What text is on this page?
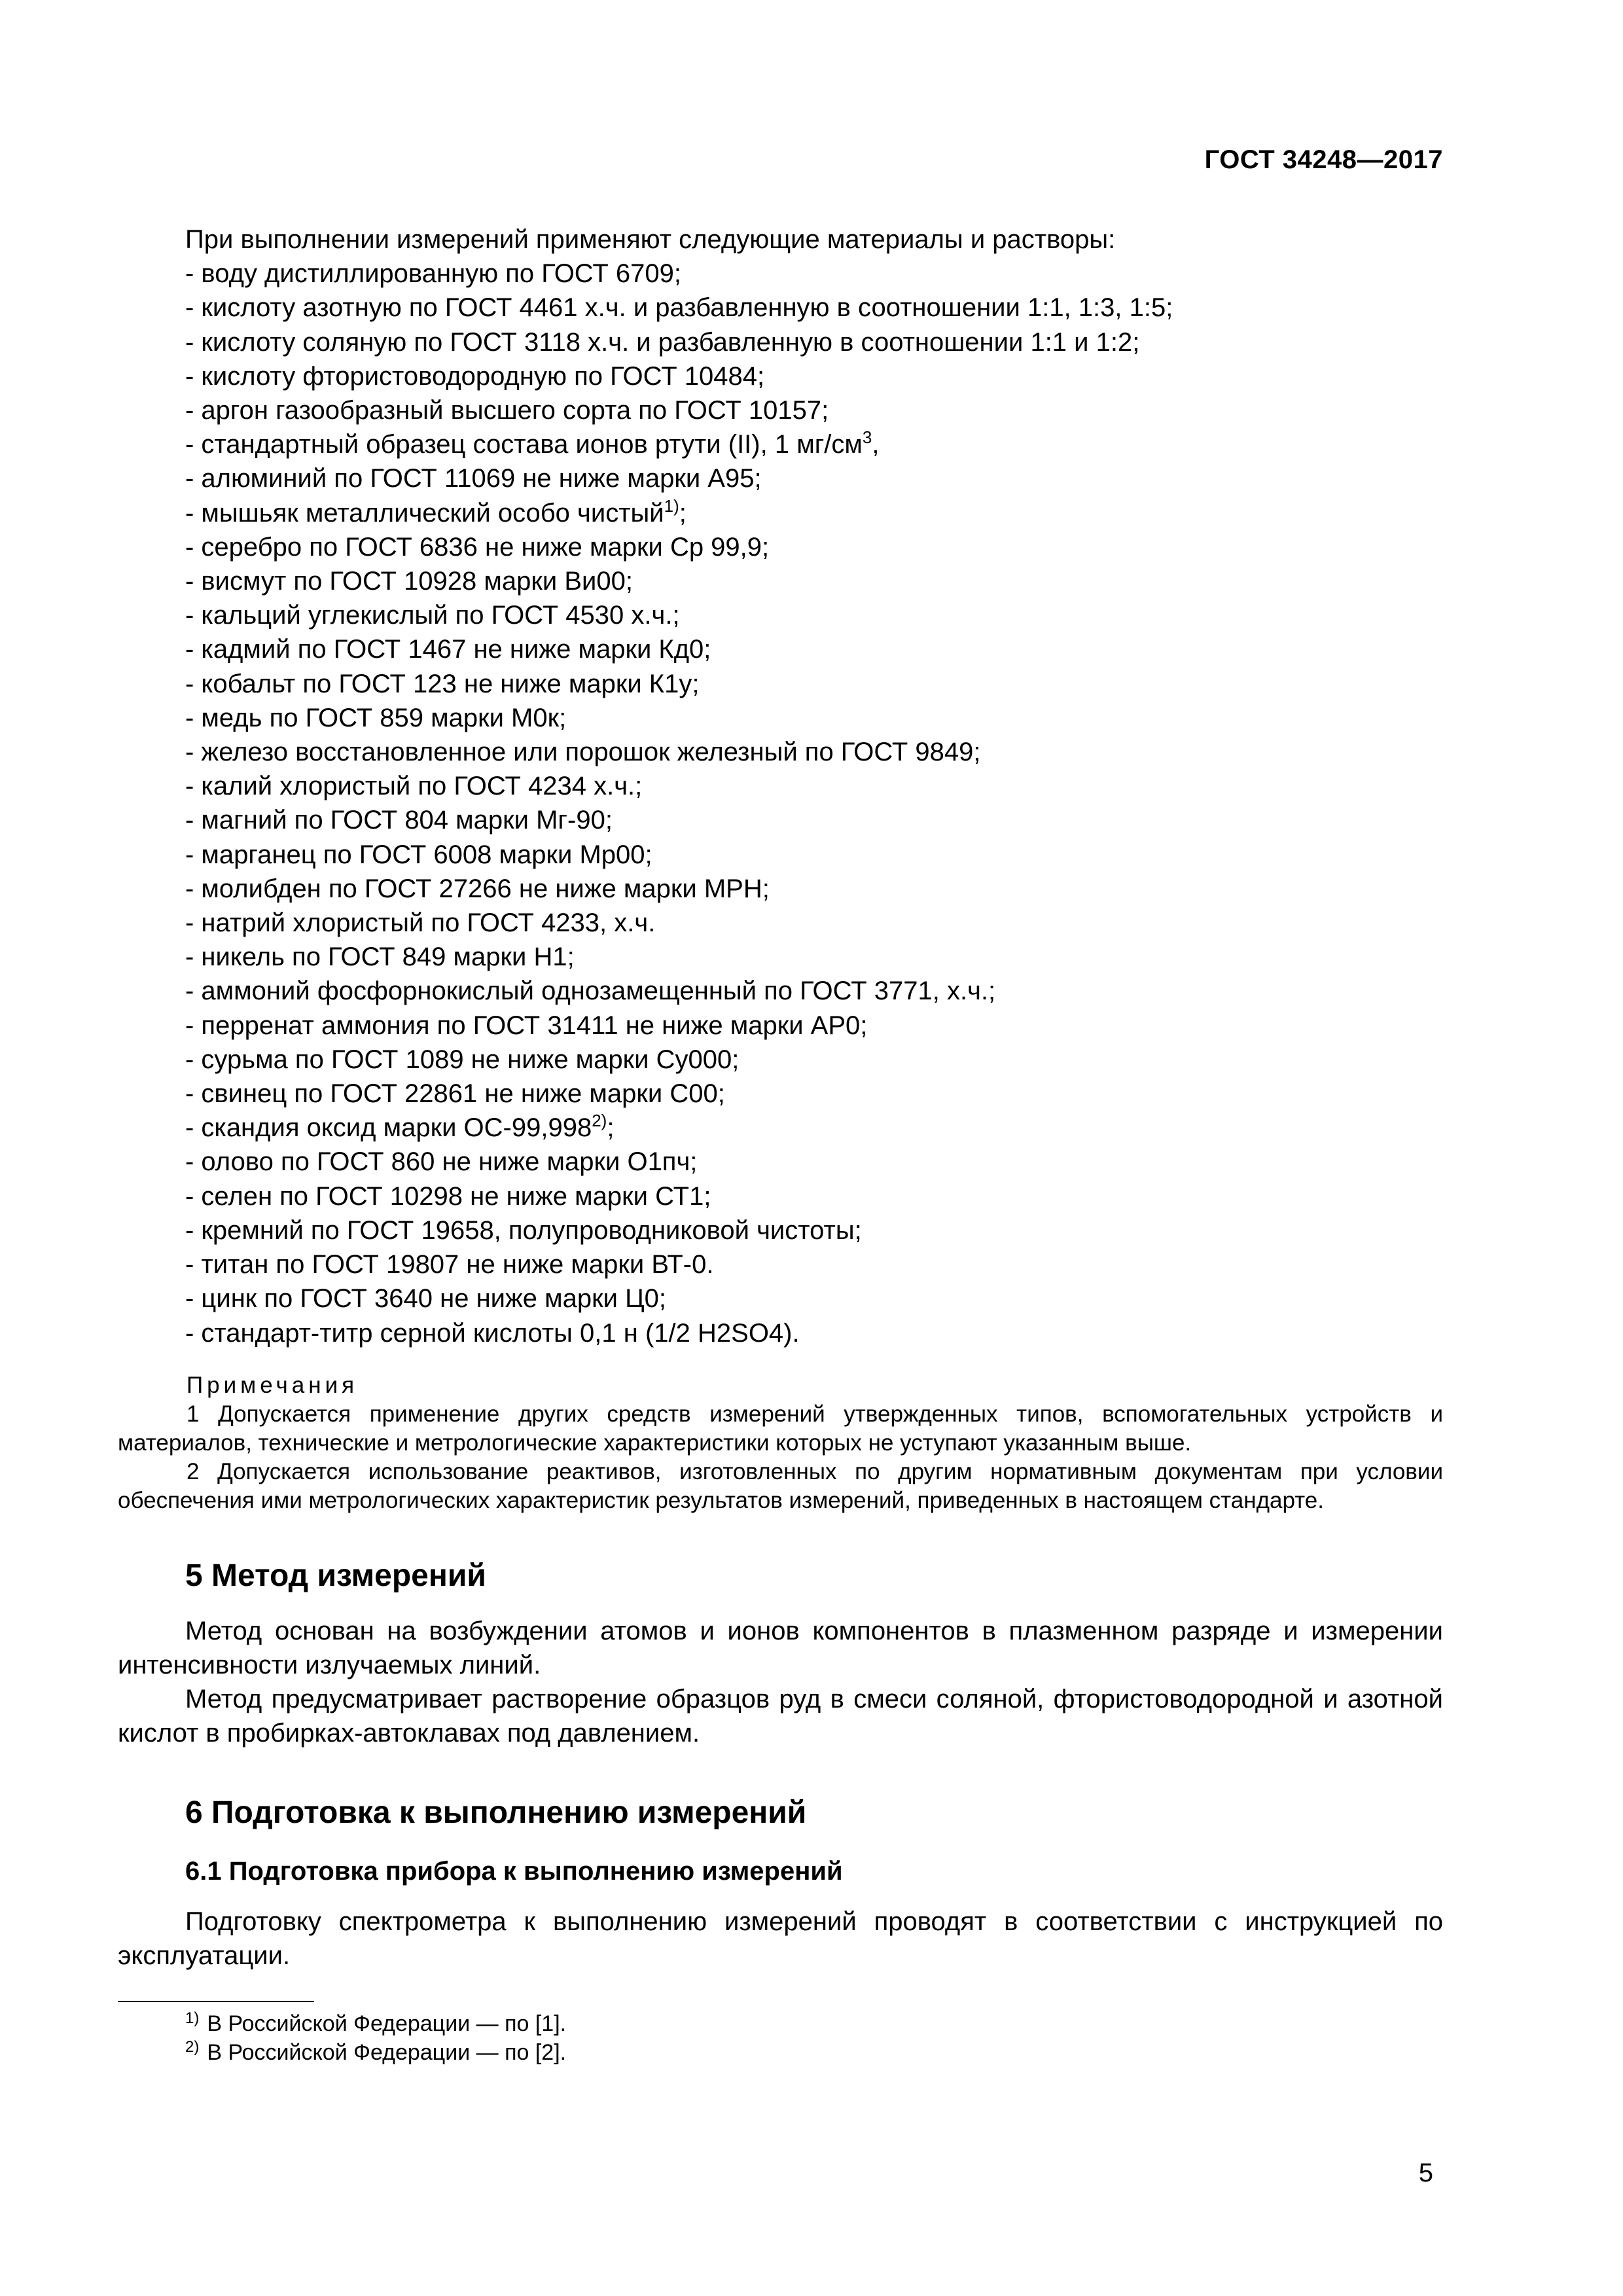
ГОСТ 34248—2017
При выполнении измерений применяют следующие материалы и растворы:
- воду дистиллированную по ГОСТ 6709;
- кислоту азотную по ГОСТ 4461 х.ч. и разбавленную в соотношении 1:1, 1:3, 1:5;
- кислоту соляную по ГОСТ 3118 х.ч. и разбавленную в соотношении 1:1 и 1:2;
- кислоту фтористоводородную по ГОСТ 10484;
- аргон газообразный высшего сорта по ГОСТ 10157;
- стандартный образец состава ионов ртути (II), 1 $мг/см^3$,
- алюминий по ГОСТ 11069 не ниже марки А95;
- мышьяк металлический особо чистый$^{1)}$;
- серебро по ГОСТ 6836 не ниже марки Ср 99,9;
- висмут по ГОСТ 10928 марки Ви00;
- кальций углекислый по ГОСТ 4530 х.ч.;
- кадмий по ГОСТ 1467 не ниже марки Кд0;
- кобальт по ГОСТ 123 не ниже марки К1у;
- медь по ГОСТ 859 марки М0к;
- железо восстановленное или порошок железный по ГОСТ 9849;
- калий хлористый по ГОСТ 4234 х.ч.;
- магний по ГОСТ 804 марки Мг-90;
- марганец по ГОСТ 6008 марки Мр00;
- молибден по ГОСТ 27266 не ниже марки МРН;
- натрий хлористый по ГОСТ 4233, х.ч.
- никель по ГОСТ 849 марки Н1;
- аммоний фосфорнокислый однозамещенный по ГОСТ 3771, х.ч.;
- перренат аммония по ГОСТ 31411 не ниже марки АР0;
- сурьма по ГОСТ 1089 не ниже марки Су000;
- свинец по ГОСТ 22861 не ниже марки С00;
- скандия оксид марки ОС-99,998$^{2)}$;
- олово по ГОСТ 860 не ниже марки О1пч;
- селен по ГОСТ 10298 не ниже марки СТ1;
- кремний по ГОСТ 19658, полупроводниковой чистоты;
- титан по ГОСТ 19807 не ниже марки ВТ-0.
- цинк по ГОСТ 3640 не ниже марки Ц0;
- стандарт-титр серной кислоты 0,1 н (1/2 H2SO4).
Примечания

1 Допускается применение других средств измерений утвержденных типов, вспомогательных устройств и материалов, технические и метрологические характеристики которых не уступают указанным выше.

2 Допускается использование реактивов, изготовленных по другим нормативным документам при условии обеспечения ими метрологических характеристик результатов измерений, приведенных в настоящем стандарте.

5 Метод измерений

Метод основан на возбуждении атомов и ионов компонентов в плазменном разряде и измерении интенсивности излучаемых линий.

Метод предусматривает растворение образцов руд в смеси соляной, фтористоводородной и азотной кислот в пробирках-автоклавах под давлением.

6 Подготовка к выполнению измерений
6.1 Подготовка прибора к выполнению измерений

Подготовку спектрометра к выполнению измерений проводят в соответствии с инструкцией по эксплуатации.

$^{1)}$ В Российской Федерации — по [1].
$^{2)}$ В Российской Федерации — по [2].
5
